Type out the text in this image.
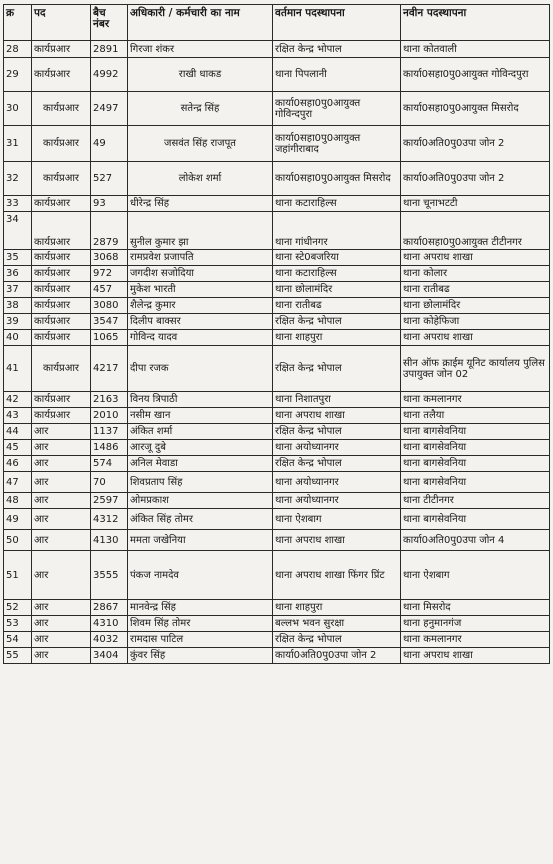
क्र	पद	बैच नंबर	अधिकारी / कर्मचारी का नाम	वर्तमान पदस्थापना	नवीन पदस्थापना
28	कार्यप्रआर	2891	गिरजा शंकर	रक्षित केन्द्र भोपाल	थाना कोतवाली
29	कार्यप्रआर	4992	राखी धाकड	थाना पिपलानी	कार्या0सहा0पु0आयुक्त गोविन्दपुरा
30	कार्यप्रआर	2497	सतेन्द्र सिंह	कार्या0सहा0पु0आयुक्त गोविन्दपुरा	कार्या0सहा0पु0आयुक्त मिसरोद
31	कार्यप्रआर	49	जसवंत सिंह राजपूत	कार्या0सहा0पु0आयुक्त जहांगीराबाद	कार्या0अति0पु0उपा जोन 2
32	कार्यप्रआर	527	लोकेश शर्मा	कार्या0सहा0पु0आयुक्त मिसरोद	कार्या0अति0पु0उपा जोन 2
33	कार्यप्रआर	93	धीरेन्द्र सिंह	थाना कटाराहिल्स	थाना चूनाभटटी
34	कार्यप्रआर	2879	सुनील कुमार झा	थाना गांधीनगर	कार्या0सहा0पु0आयुक्त टीटीनगर
35	कार्यप्रआर	3068	रामप्रवेश प्रजापति	थाना स्टे0बजरिया	थाना अपराध शाखा
36	कार्यप्रआर	972	जगदीश सजोदिया	थाना कटाराहिल्स	थाना कोलार
37	कार्यप्रआर	457	मुकेश भारती	थाना छोलामंदिर	थाना रातीबढ
38	कार्यप्रआर	3080	शैलेन्द्र कुमार	थाना रातीबढ	थाना छोलामंदिर
39	कार्यप्रआर	3547	दिलीप बाक्सर	रक्षित केन्द्र भोपाल	थाना कोहेफिजा
40	कार्यप्रआर	1065	गोविन्द यादव	थाना शाहपुरा	थाना अपराध शाखा
41	कार्यप्रआर	4217	दीपा रजक	रक्षित केन्द्र भोपाल	सीन ऑफ क्राईम यूनिट कार्यालय पुलिस उपायुक्त जोन 02
42	कार्यप्रआर	2163	विनय त्रिपाठी	थाना निशातपुरा	थाना कमलानगर
43	कार्यप्रआर	2010	नसीम खान	थाना अपराध शाखा	थाना तलैया
44	आर	1137	अंकित शर्मा	रक्षित केन्द्र भोपाल	थाना बागसेवनिया
45	आर	1486	आरजू दुबे	थाना अयोध्यानगर	थाना बागसेवनिया
46	आर	574	अनिल मेवाडा	रक्षित केन्द्र भोपाल	थाना बागसेवनिया
47	आर	70	शिवप्रताप सिंह	थाना अयोध्यानगर	थाना बागसेवनिया
48	आर	2597	ओमप्रकाश	थाना अयोध्यानगर	थाना टीटीनगर
49	आर	4312	अंकित सिंह तोमर	थाना ऐशबाग	थाना बागसेवनिया
50	आर	4130	ममता जखेनिया	थाना अपराध शाखा	कार्या0अति0पु0उपा जोन 4
51	आर	3555	पंकज नामदेव	थाना अपराध शाखा फिंगर प्रिंट	थाना ऐशबाग
52	आर	2867	मानवेन्द्र सिंह	थाना शाहपुरा	थाना मिसरोद
53	आर	4310	शिवम सिंह तोमर	बल्लभ भवन सुरक्षा	थाना हनुमानगंज
54	आर	4032	रामदास पाटिल	रक्षित केन्द्र भोपाल	थाना कमलानगर
55	आर	3404	कुंवर सिंह	कार्या0अति0पु0उपा जोन 2	थाना अपराध शाखा
